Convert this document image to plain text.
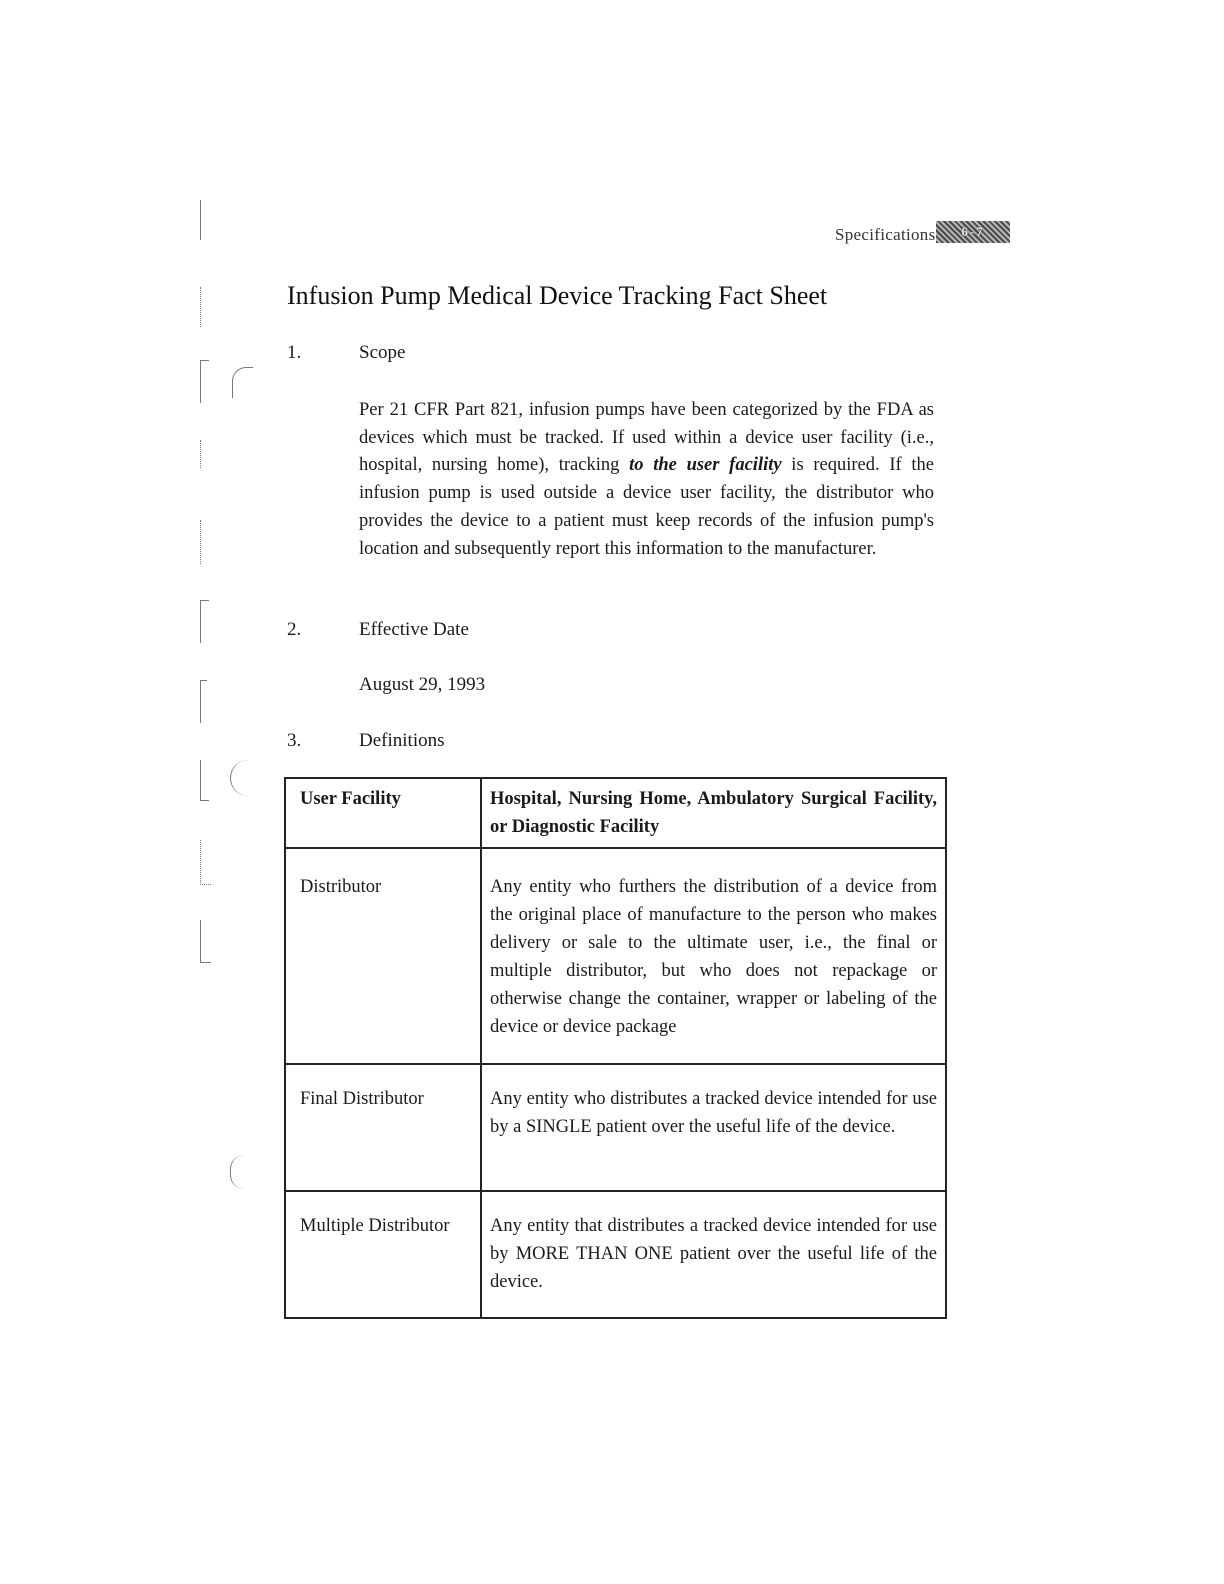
Specifications	6-7
Infusion Pump Medical Device Tracking Fact Sheet
1.	Scope

Per 21 CFR Part 821, infusion pumps have been categorized by the FDA as devices which must be tracked. If used within a device user facility (i.e., hospital, nursing home), tracking to the user facility is required. If the infusion pump is used outside a device user facility, the distributor who provides the device to a patient must keep records of the infusion pump's location and subsequently report this information to the manufacturer.

2.	Effective Date
August 29, 1993
3.	Definitions
User Facility	Hospital, Nursing Home, Ambulatory Surgical Facility, or Diagnostic Facility
Distributor	Any entity who furthers the distribution of a device from the original place of manufacture to the person who makes delivery or sale to the ultimate user, i.e., the final or multiple distributor, but who does not repackage or otherwise change the container, wrapper or labeling of the device or device package
Final Distributor	Any entity who distributes a tracked device intended for use by a SINGLE patient over the useful life of the device.
Multiple Distributor	Any entity that distributes a tracked device intended for use by MORE THAN ONE patient over the useful life of the device.
